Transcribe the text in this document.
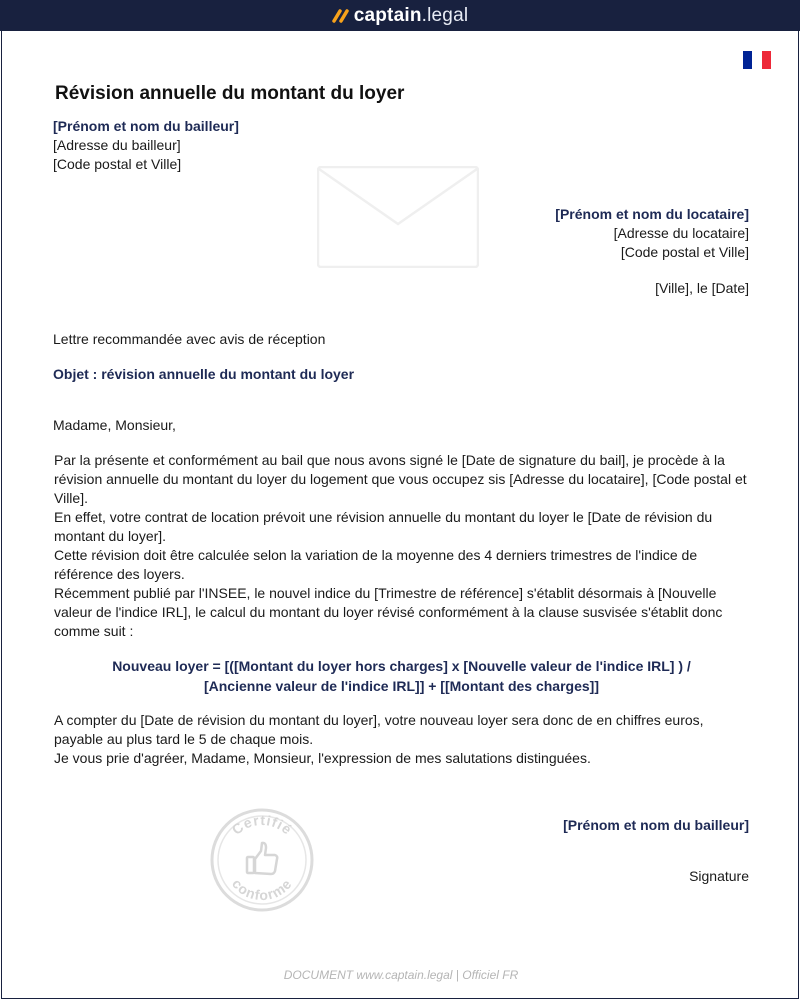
captain .legal
Révision annuelle du montant du loyer
[Prénom et nom du bailleur]
[Adresse du bailleur]
[Code postal et Ville]
[Prénom et nom du locataire]
[Adresse du locataire]
[Code postal et Ville]
[Ville], le [Date]
Lettre recommandée avec avis de réception
Objet : révision annuelle du montant du loyer
Madame, Monsieur,
Par la présente et conformément au bail que nous avons signé le [Date de signature du bail], je procède à la révision annuelle du montant du loyer du logement que vous occupez sis [Adresse du locataire], [Code postal et Ville].
En effet, votre contrat de location prévoit une révision annuelle du montant du loyer le [Date de révision du montant du loyer].
Cette révision doit être calculée selon la variation de la moyenne des 4 derniers trimestres de l'indice de référence des loyers.
Récemment publié par l'INSEE, le nouvel indice du [Trimestre de référence] s'établit désormais à [Nouvelle valeur de l'indice IRL], le calcul du montant du loyer révisé conformément à la clause susvisée s'établit donc comme suit :
Nouveau loyer = [([Montant du loyer hors charges] x [Nouvelle valeur de l'indice IRL] ) /
[Ancienne valeur de l'indice IRL]] + [[Montant des charges]]
A compter du [Date de révision du montant du loyer], votre nouveau loyer sera donc de en chiffres euros, payable au plus tard le 5 de chaque mois.
Je vous prie d'agréer, Madame, Monsieur, l'expression de mes salutations distinguées.
Certifié
conforme
[Prénom et nom du bailleur]
Signature
DOCUMENT www.captain.legal | Officiel FR
